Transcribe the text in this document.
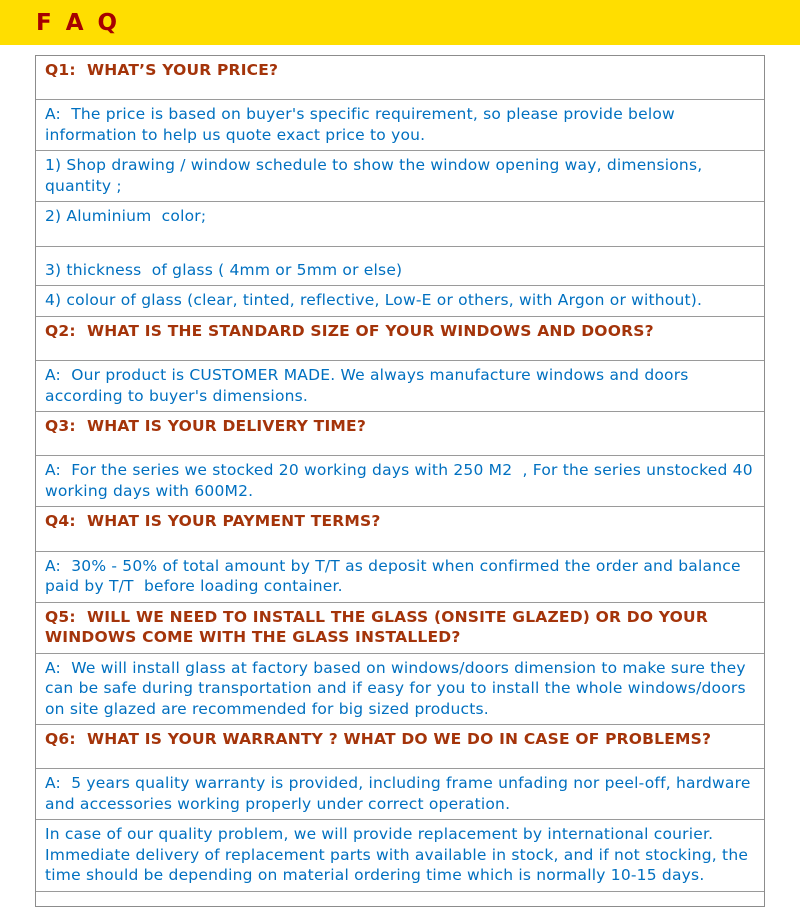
F A Q
Q1:  WHAT’S YOUR PRICE?
A:  The price is based on buyer's specific requirement, so please provide below information to help us quote exact price to you.
1) Shop drawing / window schedule to show the window opening way, dimensions, quantity ;
2) Aluminium  color;
3) thickness  of glass ( 4mm or 5mm or else)
4) colour of glass (clear, tinted, reflective, Low-E or others, with Argon or without).
Q2:  WHAT IS THE STANDARD SIZE OF YOUR WINDOWS AND DOORS?
A:  Our product is CUSTOMER MADE. We always manufacture windows and doors according to buyer's dimensions.
Q3:  WHAT IS YOUR DELIVERY TIME?
A:  For the series we stocked 20 working days with 250 M2  , For the series unstocked 40 working days with 600M2.
Q4:  WHAT IS YOUR PAYMENT TERMS?
A:  30% - 50% of total amount by T/T as deposit when confirmed the order and balance paid by T/T  before loading container.
Q5:  WILL WE NEED TO INSTALL THE GLASS (ONSITE GLAZED) OR DO YOUR WINDOWS COME WITH THE GLASS INSTALLED?
A:  We will install glass at factory based on windows/doors dimension to make sure they can be safe during transportation and if easy for you to install the whole windows/doors on site glazed are recommended for big sized products.
Q6:  WHAT IS YOUR WARRANTY ? WHAT DO WE DO IN CASE OF PROBLEMS?
A:  5 years quality warranty is provided, including frame unfading nor peel-off, hardware and accessories working properly under correct operation.
In case of our quality problem, we will provide replacement by international courier. Immediate delivery of replacement parts with available in stock, and if not stocking, the time should be depending on material ordering time which is normally 10-15 days.
